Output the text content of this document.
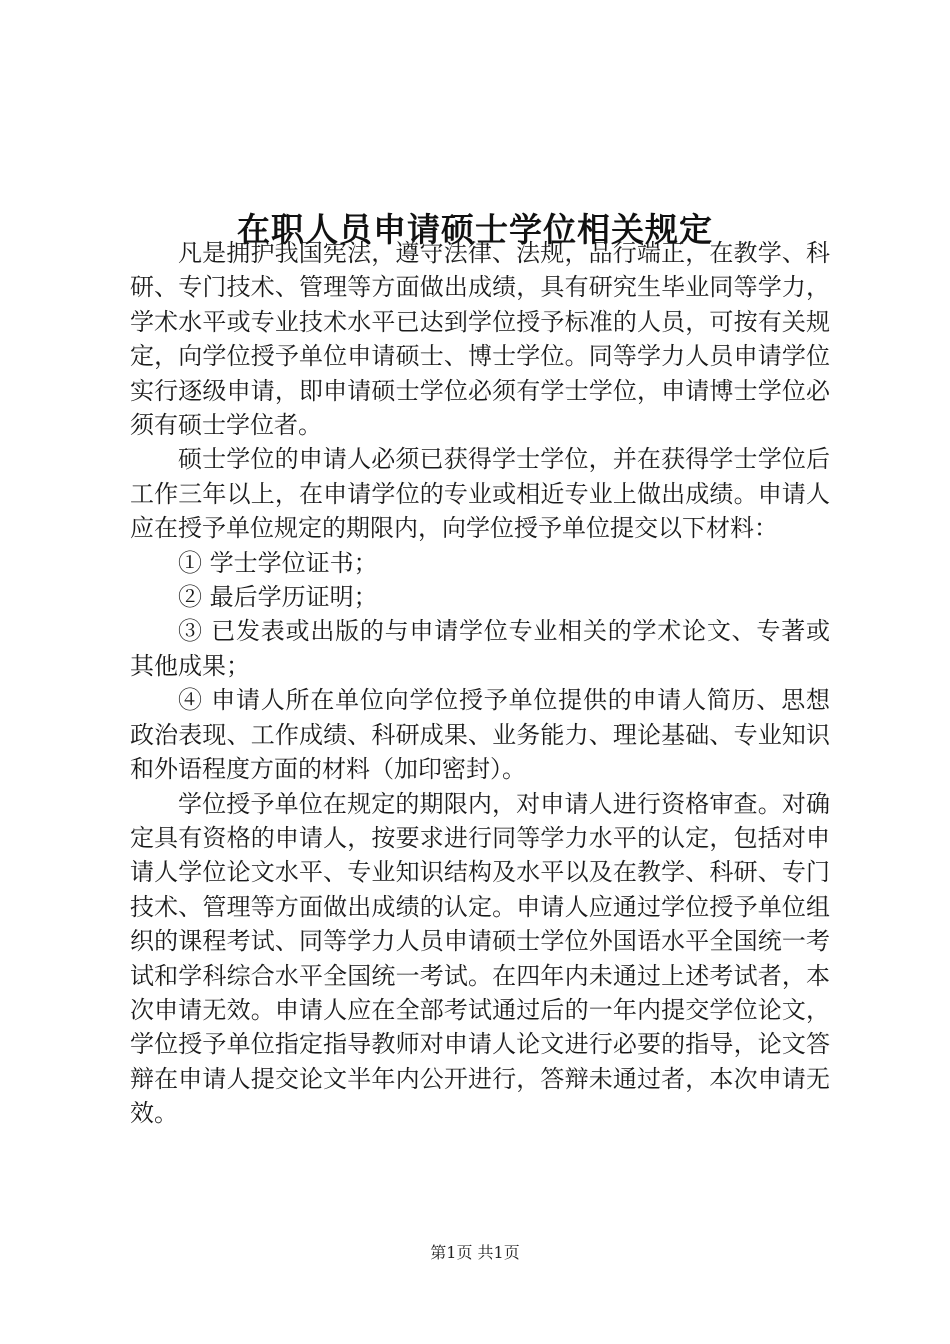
在职人员申请硕士学位相关规定

凡是拥护我国宪法，遵守法律、法规，品行端正，在教学、科研、专门技术、管理等方面做出成绩，具有研究生毕业同等学力，学术水平或专业技术水平已达到学位授予标准的人员，可按有关规定，向学位授予单位申请硕士、博士学位。同等学力人员申请学位实行逐级申请，即申请硕士学位必须有学士学位，申请博士学位必须有硕士学位者。

硕士学位的申请人必须已获得学士学位，并在获得学士学位后工作三年以上，在申请学位的专业或相近专业上做出成绩。申请人应在授予单位规定的期限内，向学位授予单位提交以下材料：

① 学士学位证书；

② 最后学历证明；

③ 已发表或出版的与申请学位专业相关的学术论文、专著或其他成果；

④ 申请人所在单位向学位授予单位提供的申请人简历、思想政治表现、工作成绩、科研成果、业务能力、理论基础、专业知识和外语程度方面的材料（加印密封）。

学位授予单位在规定的期限内，对申请人进行资格审查。对确定具有资格的申请人，按要求进行同等学力水平的认定，包括对申请人学位论文水平、专业知识结构及水平以及在教学、科研、专门技术、管理等方面做出成绩的认定。申请人应通过学位授予单位组织的课程考试、同等学力人员申请硕士学位外国语水平全国统一考试和学科综合水平全国统一考试。在四年内未通过上述考试者，本次申请无效。申请人应在全部考试通过后的一年内提交学位论文，学位授予单位指定指导教师对申请人论文进行必要的指导，论文答辩在申请人提交论文半年内公开进行，答辩未通过者，本次申请无效。

第1页 共1页
